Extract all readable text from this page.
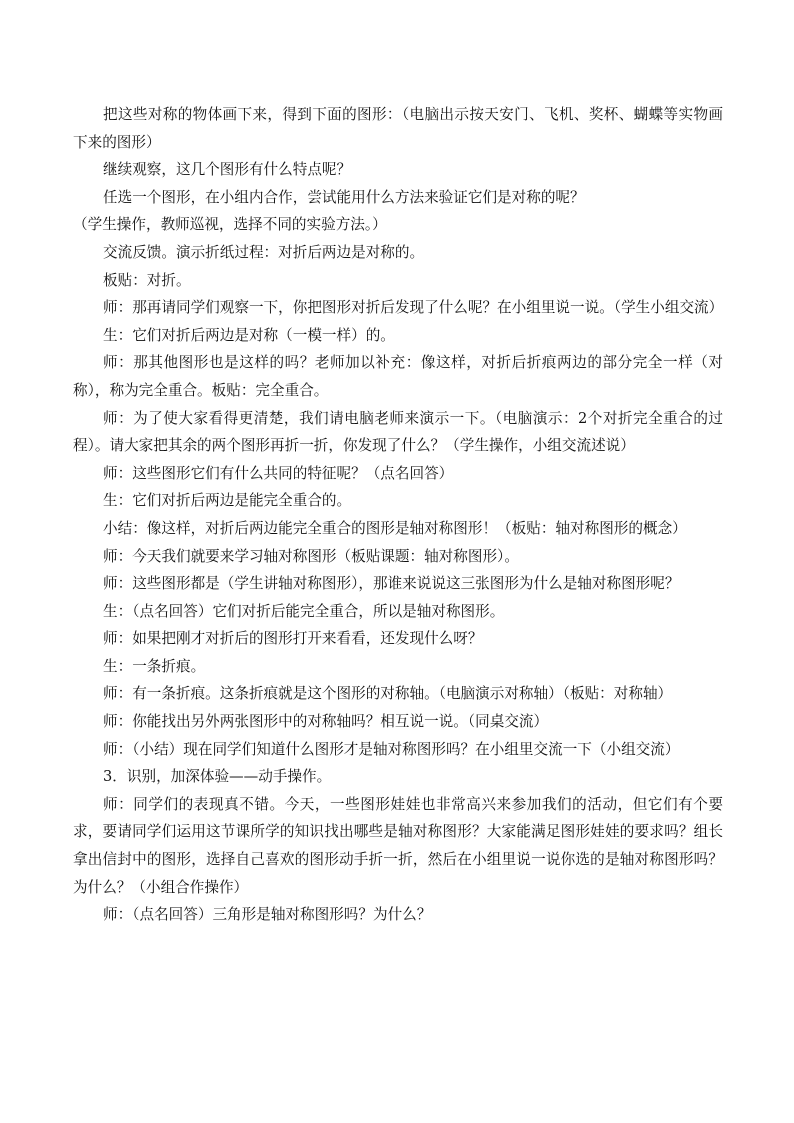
把这些对称的物体画下来，得到下面的图形：（电脑出示按天安门、飞机、奖杯、蝴蝶等实物画下来的图形）

继续观察，这几个图形有什么特点呢？

任选一个图形，在小组内合作，尝试能用什么方法来验证它们是对称的呢？

（学生操作，教师巡视，选择不同的实验方法。）

交流反馈。演示折纸过程：对折后两边是对称的。

板贴：对折。

师：那再请同学们观察一下，你把图形对折后发现了什么呢？在小组里说一说。（学生小组交流）

生：它们对折后两边是对称（一模一样）的。

师：那其他图形也是这样的吗？老师加以补充：像这样，对折后折痕两边的部分完全一样（对称），称为完全重合。板贴：完全重合。

师：为了使大家看得更清楚，我们请电脑老师来演示一下。（电脑演示：2个对折完全重合的过程）。请大家把其余的两个图形再折一折，你发现了什么？（学生操作，小组交流述说）

师：这些图形它们有什么共同的特征呢？（点名回答）

生：它们对折后两边是能完全重合的。

小结：像这样，对折后两边能完全重合的图形是轴对称图形！（板贴：轴对称图形的概念）

师：今天我们就要来学习轴对称图形（板贴课题：轴对称图形）。

师：这些图形都是（学生讲轴对称图形），那谁来说说这三张图形为什么是轴对称图形呢？

生：（点名回答）它们对折后能完全重合，所以是轴对称图形。

师：如果把刚才对折后的图形打开来看看，还发现什么呀？

生：一条折痕。

师：有一条折痕。这条折痕就是这个图形的对称轴。（电脑演示对称轴）（板贴：对称轴）

师：你能找出另外两张图形中的对称轴吗？相互说一说。（同桌交流）

师：（小结）现在同学们知道什么图形才是轴对称图形吗？在小组里交流一下（小组交流）

3．识别，加深体验——动手操作。

师：同学们的表现真不错。今天，一些图形娃娃也非常高兴来参加我们的活动，但它们有个要求，要请同学们运用这节课所学的知识找出哪些是轴对称图形？大家能满足图形娃娃的要求吗？组长拿出信封中的图形，选择自己喜欢的图形动手折一折，然后在小组里说一说你选的是轴对称图形吗？为什么？（小组合作操作）

师：（点名回答）三角形是轴对称图形吗？为什么？
